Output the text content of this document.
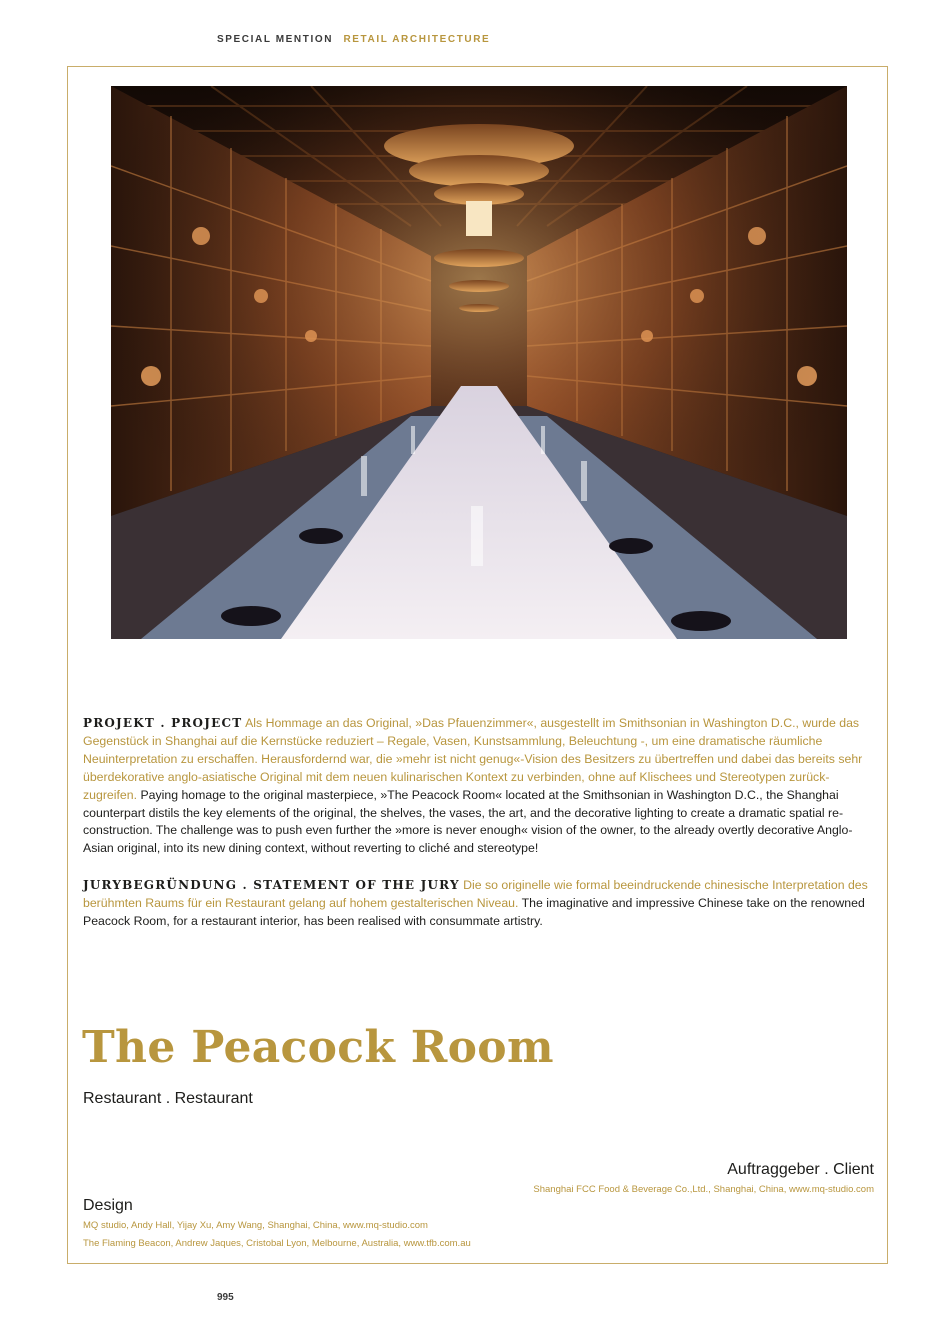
SPECIAL MENTION RETAIL ARCHITECTURE
PROJEKT . PROJECT Als Hommage an das Original, »Das Pfauenzimmer«, ausgestellt im Smithsonian in Washington D.C., wurde das Gegenstück in Shanghai auf die Kernstücke reduziert – Regale, Vasen, Kunstsammlung, Beleuchtung -, um eine dramatische räumliche Neuinterpretation zu erschaffen. Herausfordernd war, die »mehr ist nicht genug«-Vision des Besitzers zu übertreffen und dabei das bereits sehr überdekorative anglo-asiatische Original mit dem neuen kulinarischen Kontext zu verbinden, ohne auf Klischees und Stereotypen zurück-zugreifen. Paying homage to the original masterpiece, »The Peacock Room« located at the Smithsonian in Washington D.C., the Shanghai counterpart distils the key elements of the original, the shelves, the vases, the art, and the decorative lighting to create a dramatic spatial re-construction. The challenge was to push even further the »more is never enough« vision of the owner, to the already overtly decorative Anglo-Asian original, into its new dining context, without reverting to cliché and stereotype!
JURYBEGRÜNDUNG . STATEMENT OF THE JURY Die so originelle wie formal beeindruckende chinesische Interpretation des berühmten Raums für ein Restaurant gelang auf hohem gestalterischen Niveau. The imaginative and impressive Chinese take on the renowned Peacock Room, for a restaurant interior, has been realised with consummate artistry.
The Peacock Room
Restaurant . Restaurant
Auftraggeber . Client
Shanghai FCC Food & Beverage Co.,Ltd., Shanghai, China, www.mq-studio.com
Design
MQ studio, Andy Hall, Yijay Xu, Amy Wang, Shanghai, China, www.mq-studio.com
The Flaming Beacon, Andrew Jaques, Cristobal Lyon, Melbourne, Australia, www.tfb.com.au
995
